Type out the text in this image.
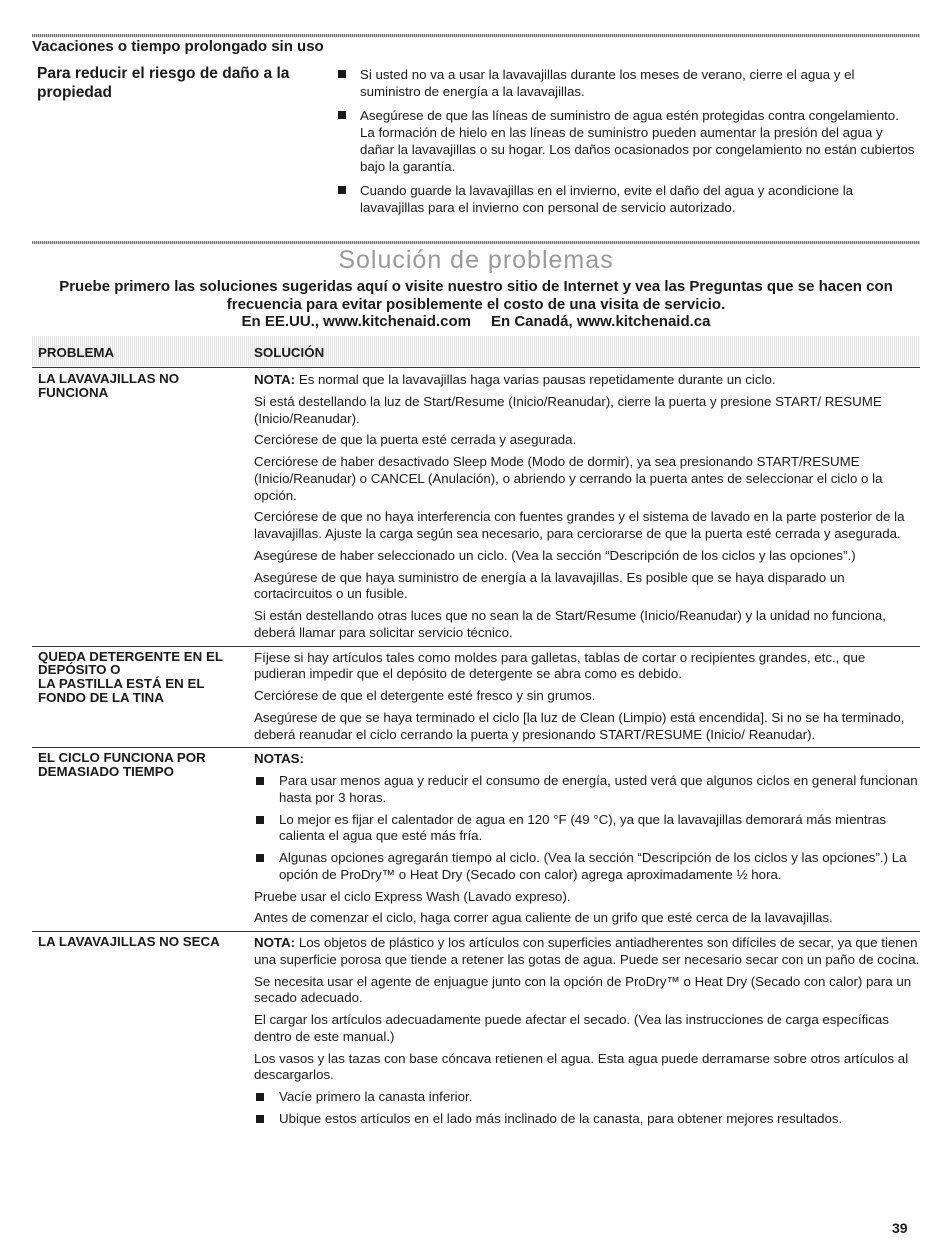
Vacaciones o tiempo prolongado sin uso
Para reducir el riesgo de daño a la propiedad
Si usted no va a usar la lavavajillas durante los meses de verano, cierre el agua y el suministro de energía a la lavavajillas.
Asegúrese de que las líneas de suministro de agua estén protegidas contra congelamiento. La formación de hielo en las líneas de suministro pueden aumentar la presión del agua y dañar la lavavajillas o su hogar. Los daños ocasionados por congelamiento no están cubiertos bajo la garantía.
Cuando guarde la lavavajillas en el invierno, evite el daño del agua y acondicione la lavavajillas para el invierno con personal de servicio autorizado.
Solución de problemas
Pruebe primero las soluciones sugeridas aquí o visite nuestro sitio de Internet y vea las Preguntas que se hacen con
frecuencia para evitar posiblemente el costo de una visita de servicio.
En EE.UU., www.kitchenaid.com En Canadá, www.kitchenaid.ca
PROBLEMA	SOLUCIÓN
LA LAVAVAJILLAS NO FUNCIONA

NOTA: Es normal que la lavavajillas haga varias pausas repetidamente durante un ciclo.

Si está destellando la luz de Start/Resume (Inicio/Reanudar), cierre la puerta y presione START/ RESUME (Inicio/Reanudar).

Cerciórese de que la puerta esté cerrada y asegurada.

Cerciórese de haber desactivado Sleep Mode (Modo de dormir), ya sea presionando START/RESUME (Inicio/Reanudar) o CANCEL (Anulación), o abriendo y cerrando la puerta antes de seleccionar el ciclo o la opción.

Cerciórese de que no haya interferencia con fuentes grandes y el sistema de lavado en la parte posterior de la lavavajillas. Ajuste la carga según sea necesario, para cerciorarse de que la puerta esté cerrada y asegurada.

Asegúrese de haber seleccionado un ciclo. (Vea la sección “Descripción de los ciclos y las opciones”.)

Asegúrese de que haya suministro de energía a la lavavajillas. Es posible que se haya disparado un cortacircuitos o un fusible.

Si están destellando otras luces que no sean la de Start/Resume (Inicio/Reanudar) y la unidad no funciona, deberá llamar para solicitar servicio técnico.

QUEDA DETERGENTE EN EL DEPÓSITO O
LA PASTILLA ESTÁ EN EL FONDO DE LA TINA

Fíjese si hay artículos tales como moldes para galletas, tablas de cortar o recipientes grandes, etc., que pudieran impedir que el depósito de detergente se abra como es debido.

Cerciórese de que el detergente esté fresco y sin grumos.

Asegúrese de que se haya terminado el ciclo [la luz de Clean (Limpio) está encendida]. Si no se ha terminado, deberá reanudar el ciclo cerrando la puerta y presionando START/RESUME (Inicio/ Reanudar).

EL CICLO FUNCIONA POR DEMASIADO TIEMPO

NOTAS:

Para usar menos agua y reducir el consumo de energía, usted verá que algunos ciclos en general funcionan hasta por 3 horas.

Lo mejor es fijar el calentador de agua en 120 °F (49 °C), ya que la lavavajillas demorará más mientras calienta el agua que esté más fría.

Algunas opciones agregarán tiempo al ciclo. (Vea la sección “Descripción de los ciclos y las opciones”.) La opción de ProDry™ o Heat Dry (Secado con calor) agrega aproximadamente ½ hora.

Pruebe usar el ciclo Express Wash (Lavado expreso).

Antes de comenzar el ciclo, haga correr agua caliente de un grifo que esté cerca de la lavavajillas.

LA LAVAVAJILLAS NO SECA	NOTA: Los objetos de plástico y los artículos con superficies antiadherentes son difíciles de secar, ya que tienen una superficie porosa que tiende a retener las gotas de agua. Puede ser necesario secar con un paño de cocina.

Se necesita usar el agente de enjuague junto con la opción de ProDry™ o Heat Dry (Secado con calor) para un secado adecuado.

El cargar los artículos adecuadamente puede afectar el secado. (Vea las instrucciones de carga específicas dentro de este manual.)

Los vasos y las tazas con base cóncava retienen el agua. Esta agua puede derramarse sobre otros artículos al descargarlos.

Vacíe primero la canasta inferior.

Ubique estos artículos en el lado más inclinado de la canasta, para obtener mejores resultados.

39
